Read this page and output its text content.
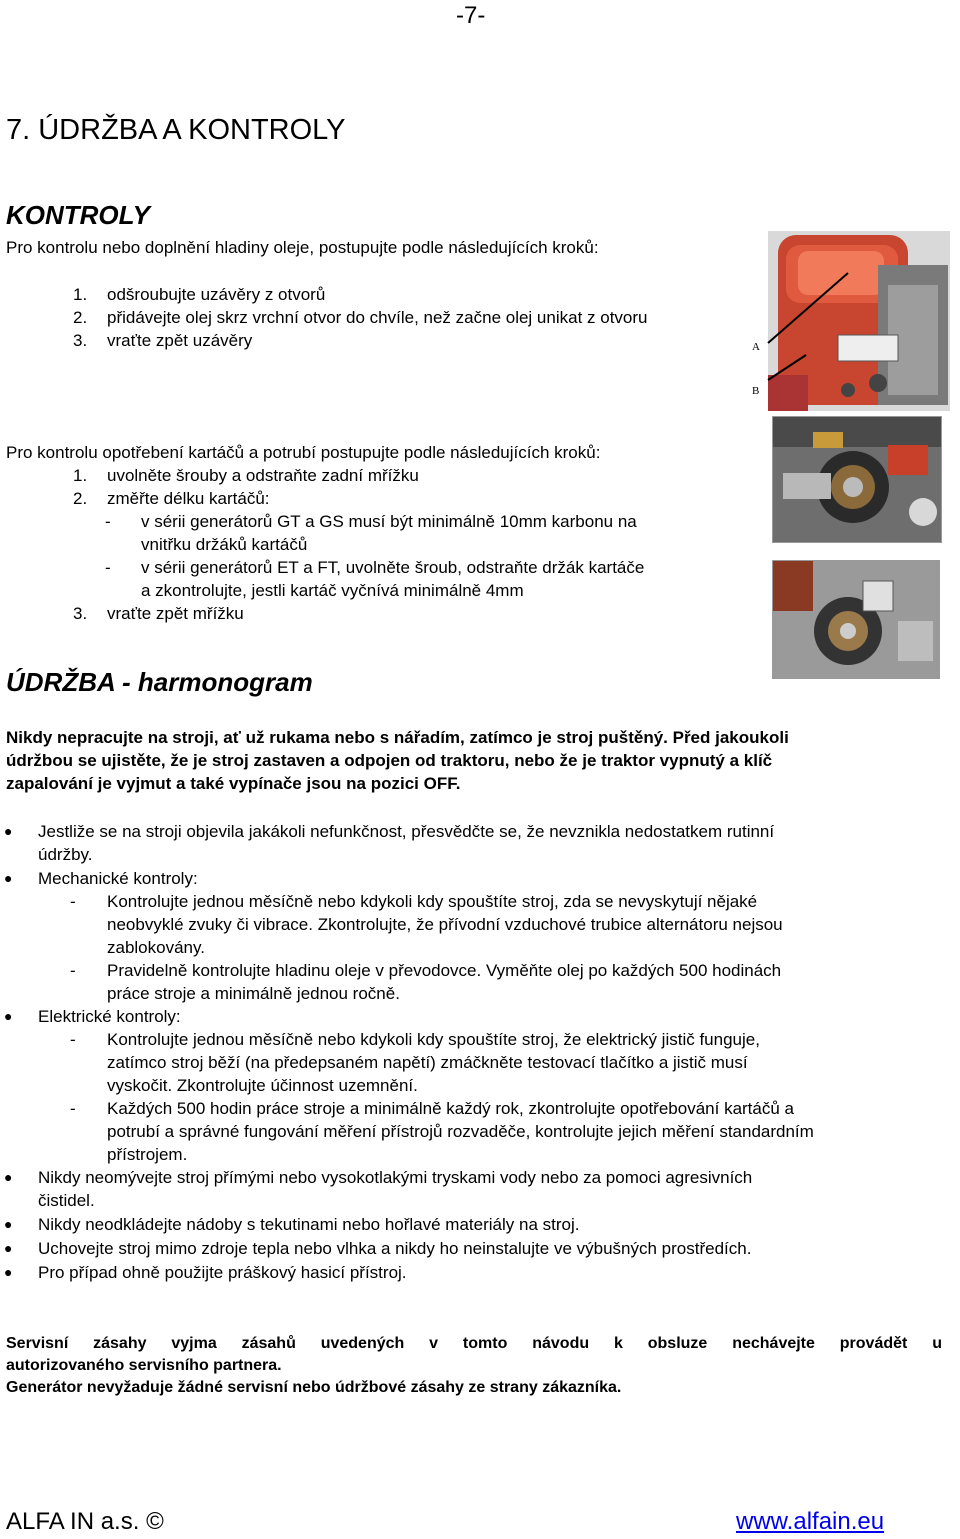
-7-
7. ÚDRŽBA A KONTROLY
KONTROLY
Pro kontrolu nebo doplnění hladiny oleje, postupujte podle následujících kroků:
1. odšroubujte uzávěry z otvorů
2. přidávejte olej skrz vrchní otvor do chvíle, než začne olej unikat z otvoru
3. vraťte zpět uzávěry	A
B
Pro kontrolu opotřebení kartáčů a potrubí postupujte podle následujících kroků:
1. uvolněte šrouby a odstraňte zadní mřížku
2. změřte délku kartáčů:
- v sérii generátorů GT a GS musí být minimálně 10mm karbonu na
vnitřku držáků kartáčů
- v sérii generátorů ET a FT, uvolněte šroub, odstraňte držák kartáče
a zkontrolujte, jestli kartáč vyčnívá minimálně 4mm
3. vraťte zpět mřížku
ÚDRŽBA - harmonogram
Nikdy nepracujte na stroji, ať už rukama nebo s nářadím, zatímco je stroj puštěný. Před jakoukoli
údržbou se ujistěte, že je stroj zastaven a odpojen od traktoru, nebo že je traktor vypnutý a klíč
zapalování je vyjmut a také vypínače jsou na pozici OFF.
● Jestliže se na stroji objevila jakákoli nefunkčnost, přesvědčte se, že nevznikla nedostatkem rutinní
údržby.
● Mechanické kontroly:
- Kontrolujte jednou měsíčně nebo kdykoli kdy spouštíte stroj, zda se nevyskytují nějaké
neobvyklé zvuky či vibrace. Zkontrolujte, že přívodní vzduchové trubice alternátoru nejsou
zablokovány.
- Pravidelně kontrolujte hladinu oleje v převodovce. Vyměňte olej po každých 500 hodinách
práce stroje a minimálně jednou ročně.
● Elektrické kontroly:
- Kontrolujte jednou měsíčně nebo kdykoli kdy spouštíte stroj, že elektrický jistič funguje,
zatímco stroj běží (na předepsaném napětí) zmáčkněte testovací tlačítko a jistič musí
vyskočit. Zkontrolujte účinnost uzemnění.
- Každých 500 hodin práce stroje a minimálně každý rok, zkontrolujte opotřebování kartáčů a
potrubí a správné fungování měření přístrojů rozvaděče, kontrolujte jejich měření standardním
přístrojem.
● Nikdy neomývejte stroj přímými nebo vysokotlakými tryskami vody nebo za pomoci agresivních
čistidel.
● Nikdy neodkládejte nádoby s tekutinami nebo hořlavé materiály na stroj.
● Uchovejte stroj mimo zdroje tepla nebo vlhka a nikdy ho neinstalujte ve výbušných prostředích.
● Pro případ ohně použijte práškový hasicí přístroj.
Servisní zásahy vyjma zásahů uvedených v tomto návodu k obsluze nechávejte provádět u
autorizovaného servisního partnera.
Generátor nevyžaduje žádné servisní nebo údržbové zásahy ze strany zákazníka.
ALFA IN a.s. ©	www.alfain.eu
